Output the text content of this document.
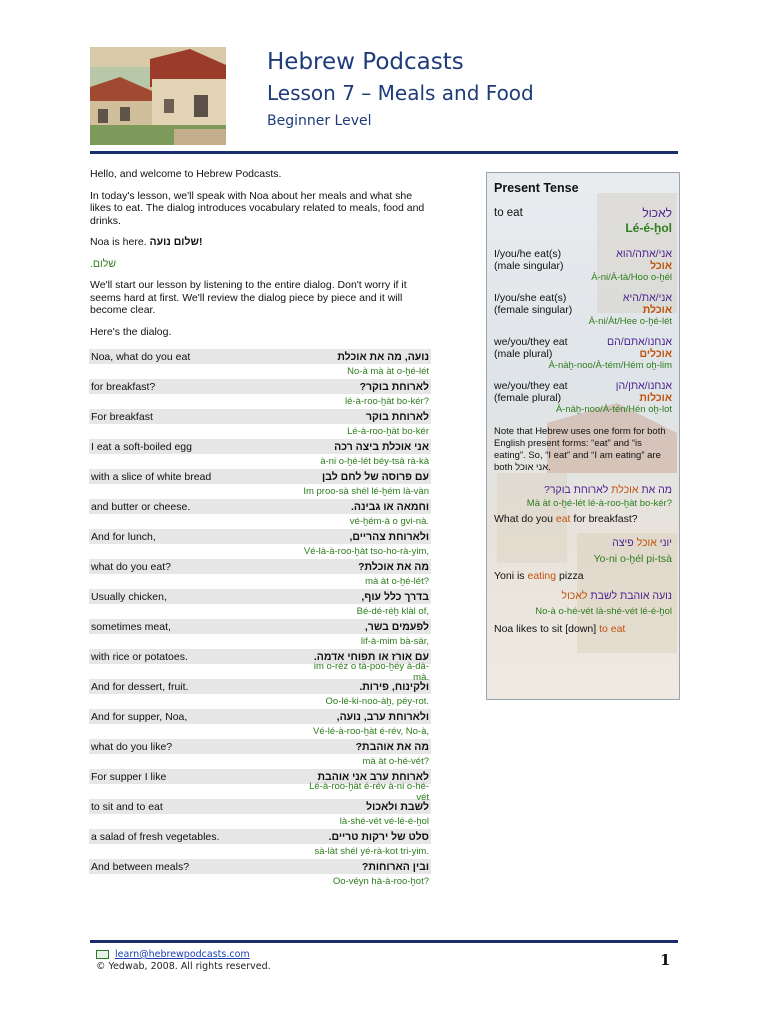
Hebrew Podcasts
Lesson 7 – Meals and Food
Beginner Level

Hello, and welcome to Hebrew Podcasts.

In today's lesson, we'll speak with Noa about her meals and what she likes to eat. The dialog introduces vocabulary related to meals, food and drinks.

Noa is here. שלום נועה!

שלום.

We'll start our lesson by listening to the entire dialog. Don't worry if it seems hard at first. We'll review the dialog piece by piece and it will become clear.

Here's the dialog.

Noa, what do you eat	נועה, מה את אוכלת
No-à mà àt o-ḫé-lét
for breakfast?	לארוחת בוקר?
lé-à-roo-ḫàt bo-kér?
For breakfast	לארוחת בוקר
Lé-à-roo-ḫàt bo-kér
I eat a soft-boiled egg	אני אוכלת ביצה רכה
à-ni o-ḫé-lét béy-tsà rà-kà
with a slice of white bread	עם פרוסה של לחם לבן
Im proo-sà shél lé-ḫém là-vàn
and butter or cheese.	וחמאה או גבינה.
vé-ḫém-à o gvi-nà.
And for lunch,	ולארוחת צהריים,
Vé-là-à-roo-ḫàt tso-ho-rà-yim,
what do you eat?	מה את אוכלת?
mà àt o-ḫé-lét?
Usually chicken,	בדרך כלל עוף,
Bé-dé-rèḫ klàl of,
sometimes meat,	לפעמים בשר,
lif-à-mim bà-sàr,
with rice or potatoes.	עם אורז או תפוחי אדמה.
im o-réz o tà-poo-ḫéy à-dà-mà.
And for dessert, fruit.	ולקינוח, פירות.
Oo-lé-ki-noo-àḫ, péy-rot.
And for supper, Noa,	ולארוחת ערב, נועה,
Vé-lé-à-roo-ḫàt é-rév, No-à,
what do you like?	מה את אוהבת?
mà àt o-hé-vét?
For supper I like	לארוחת ערב אני אוהבת
Lé-à-roo-ḫàt é-rév à-ni o-hé-vét
to sit and to eat	לשבת ולאכול
là-shé-vét vé-lé-é-ḫol
a salad of fresh vegetables.	סלט של ירקות טריים.
sà-làt shél yé-rà-kot tri-yim.
And between meals?	ובין הארוחות?
Oo-véyn hà-à-roo-ḫot?
Present Tense
to eat	לאכול
Lé-é-ḫol
I/you/he eat(s)	אני/אתה/הוא
(male singular)	אוכל
À-ni/À-tà/Hoo o-ḫél
I/you/she eat(s)	אני/את/היא
(female singular)	אוכלת
À-ni/Àt/Hee o-ḫé-lét
we/you/they eat	אנחנו/אתם/הם
(male plural)	אוכלים
À-nàḫ-noo/À-tém/Hém oḫ-lim
we/you/they eat	אנחנו/אתן/הן
(female plural)	אוכלות
À-nàḫ-noo/À-tén/Hén oḫ-lot
Note that Hebrew uses one form for both English present forms: “eat” and “is eating”. So, “I eat” and “I am eating” are both אני אוכל.
מה את אוכלת לארוחת בוקר?
Mà àt o-ḫé-lét lé-à-roo-ḫàt bo-kér?
What do you eat for breakfast?
יוני אוכל פיצה
Yo-ni o-ḫél pi-tsà
Yoni is eating pizza
נועה אוהבת לשבת לאכול
No-à o-hé-vét là-shé-vét lé-é-ḫol
Noa likes to sit [down] to eat
learn@hebrewpodcasts.com
© Yedwab, 2008. All rights reserved.	1
